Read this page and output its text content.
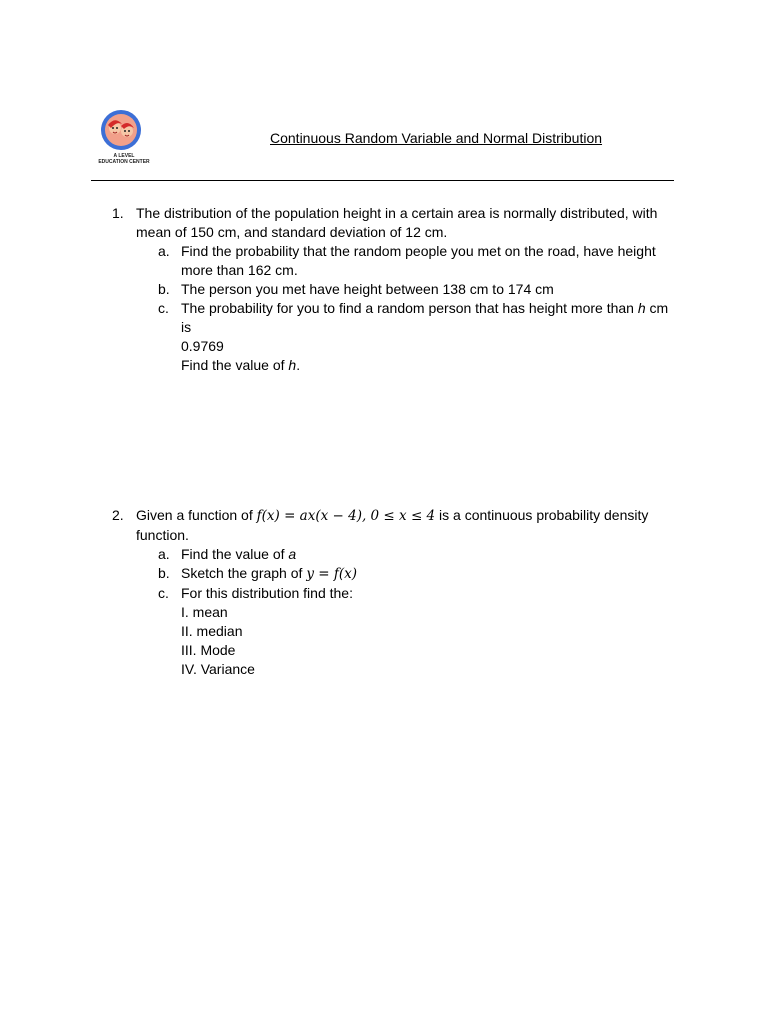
A LEVEL
EDUCATION CENTER
Continuous Random Variable and Normal Distribution
1. The distribution of the population height in a certain area is normally distributed, with
mean of 150 cm, and standard deviation of 12 cm.
a. Find the probability that the random people you met on the road, have height
more than 162 cm.
b. The person you met have height between 138 cm to 174 cm
c. The probability for you to find a random person that has height more than h cm is
0.9769
Find the value of h.
2. Given a function of f(x) = ax(x − 4), 0 ≤ x ≤ 4 is a continuous probability density
function.
a. Find the value of a
b. Sketch the graph of y = f(x)
c. For this distribution find the:
I. mean
II. median
III. Mode
IV. Variance
